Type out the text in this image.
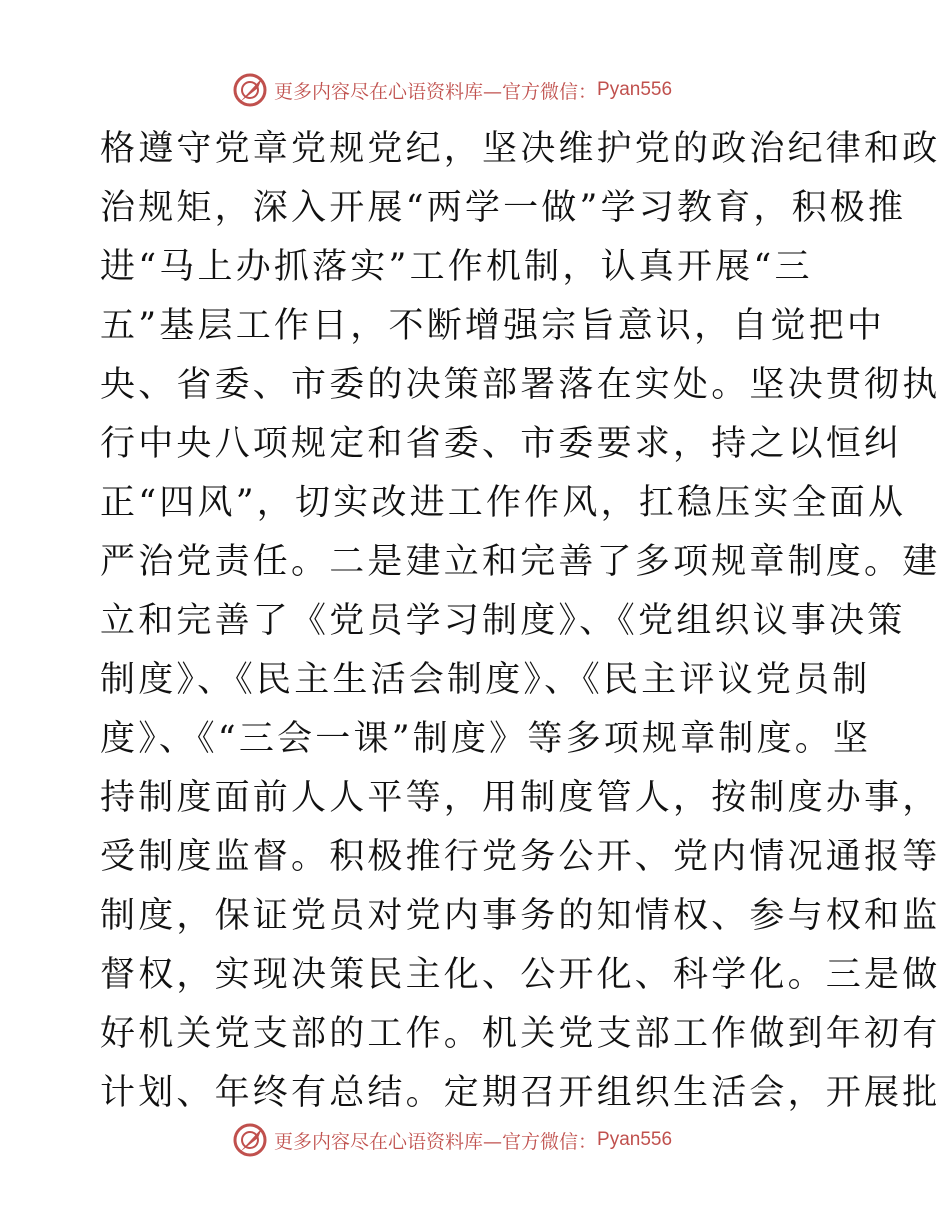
更多内容尽在心语资料库—官方微信： Pyan556
格遵守党章党规党纪，坚决维护党的政治纪律和政
治规矩，深入开展“两学一做”学习教育，积极推
进“马上办抓落实”工作机制，认真开展“三
五”基层工作日，不断增强宗旨意识，自觉把中
央、省委、市委的决策部署落在实处。坚决贯彻执
行中央八项规定和省委、市委要求，持之以恒纠
正“四风”，切实改进工作作风，扛稳压实全面从
严治党责任。二是建立和完善了多项规章制度。建
立和完善了《党员学习制度》、《党组织议事决策
制度》、《民主生活会制度》、《民主评议党员制
度》、《“三会一课”制度》等多项规章制度。坚
持制度面前人人平等，用制度管人，按制度办事，
受制度监督。积极推行党务公开、党内情况通报等
制度，保证党员对党内事务的知情权、参与权和监
督权，实现决策民主化、公开化、科学化。三是做
好机关党支部的工作。机关党支部工作做到年初有
计划、年终有总结。定期召开组织生活会，开展批
更多内容尽在心语资料库—官方微信： Pyan556
